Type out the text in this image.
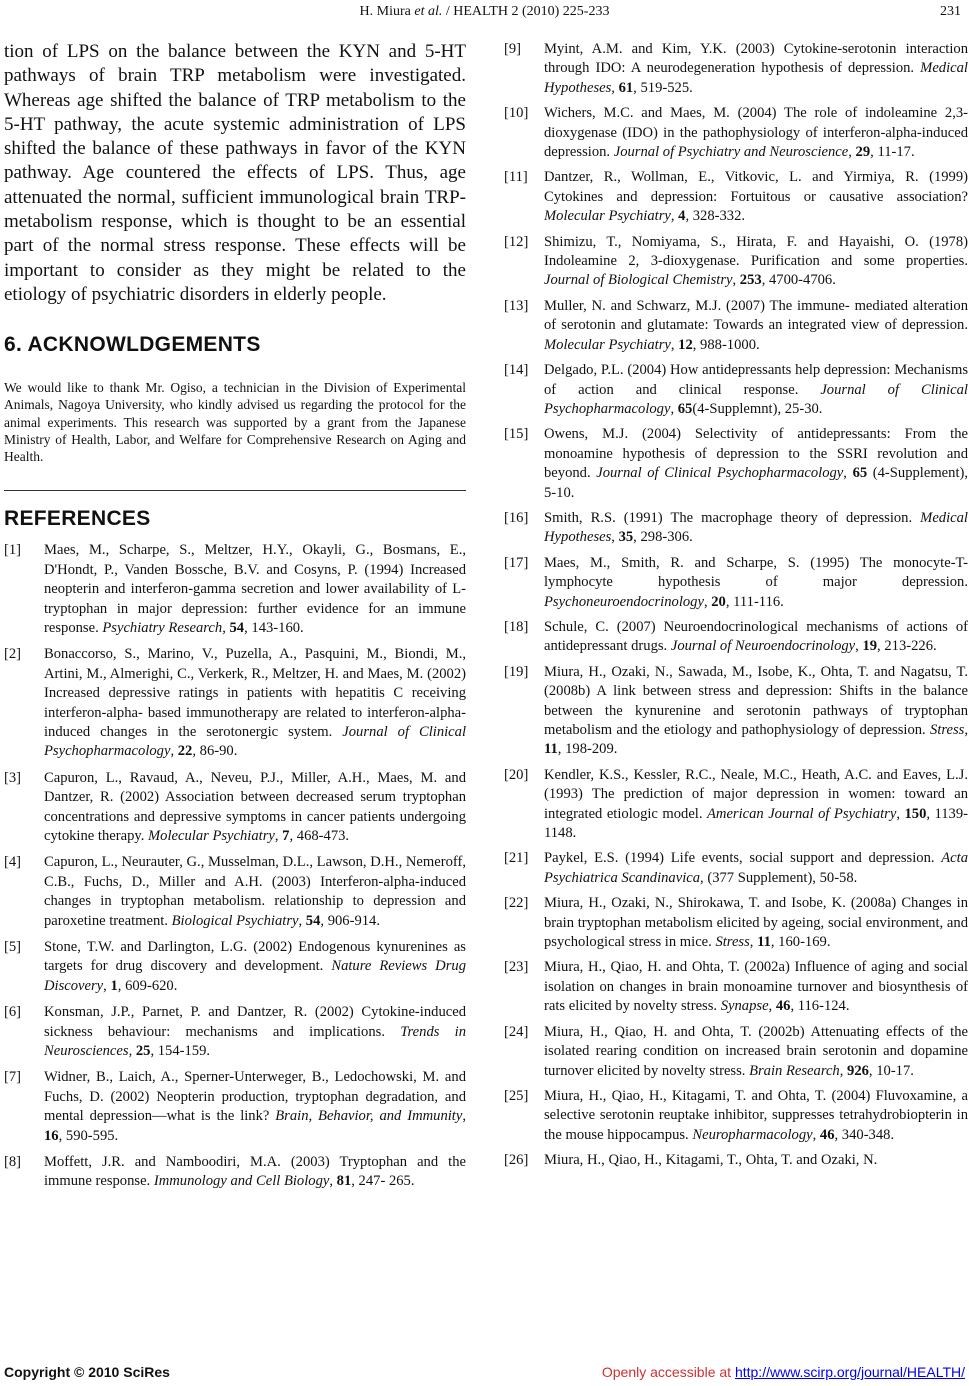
H. Miura et al. / HEALTH 2 (2010) 225-233	231

tion of LPS on the balance between the KYN and 5-HT pathways of brain TRP metabolism were investigated. Whereas age shifted the balance of TRP metabolism to the 5-HT pathway, the acute systemic administration of LPS shifted the balance of these pathways in favor of the KYN pathway. Age countered the effects of LPS. Thus, age attenuated the normal, sufficient immunological brain TRP-metabolism response, which is thought to be an essential part of the normal stress response. These effects will be important to consider as they might be related to the etiology of psychiatric disorders in elderly people.

6. ACKNOWLDGEMENTS

We would like to thank Mr. Ogiso, a technician in the Division of Experimental Animals, Nagoya University, who kindly advised us regarding the protocol for the animal experiments. This research was supported by a grant from the Japanese Ministry of Health, Labor, and Welfare for Comprehensive Research on Aging and Health.

REFERENCES
[1] Maes, M., Scharpe, S., Meltzer, H.Y., Okayli, G., Bosmans, E., D'Hondt, P., Vanden Bossche, B.V. and Cosyns, P. (1994) Increased neopterin and interferon-gamma secretion and lower availability of L-tryptophan in major depression: further evidence for an immune response. Psychiatry Research, 54, 143-160.
[2] Bonaccorso, S., Marino, V., Puzella, A., Pasquini, M., Biondi, M., Artini, M., Almerighi, C., Verkerk, R., Meltzer, H. and Maes, M. (2002) Increased depressive ratings in patients with hepatitis C receiving interferon-alpha- based immunotherapy are related to interferon-alpha- induced changes in the serotonergic system. Journal of Clinical Psychopharmacology, 22, 86-90.
[3] Capuron, L., Ravaud, A., Neveu, P.J., Miller, A.H., Maes, M. and Dantzer, R. (2002) Association between decreased serum tryptophan concentrations and depressive symptoms in cancer patients undergoing cytokine therapy. Molecular Psychiatry, 7, 468-473.
[4] Capuron, L., Neurauter, G., Musselman, D.L., Lawson, D.H., Nemeroff, C.B., Fuchs, D., Miller and A.H. (2003) Interferon-alpha-induced changes in tryptophan metabolism. relationship to depression and paroxetine treatment. Biological Psychiatry, 54, 906-914.
[5] Stone, T.W. and Darlington, L.G. (2002) Endogenous kynurenines as targets for drug discovery and development. Nature Reviews Drug Discovery, 1, 609-620.
[6] Konsman, J.P., Parnet, P. and Dantzer, R. (2002) Cytokine-induced sickness behaviour: mechanisms and implications. Trends in Neurosciences, 25, 154-159.
[7] Widner, B., Laich, A., Sperner-Unterweger, B., Ledochowski, M. and Fuchs, D. (2002) Neopterin production, tryptophan degradation, and mental depression—what is the link? Brain, Behavior, and Immunity, 16, 590-595.
[8] Moffett, J.R. and Namboodiri, M.A. (2003) Tryptophan and the immune response. Immunology and Cell Biology, 81, 247- 265.
[9] Myint, A.M. and Kim, Y.K. (2003) Cytokine-serotonin interaction through IDO: A neurodegeneration hypothesis of depression. Medical Hypotheses, 61, 519-525.
[10] Wichers, M.C. and Maes, M. (2004) The role of indoleamine 2,3-dioxygenase (IDO) in the pathophysiology of interferon-alpha-induced depression. Journal of Psychiatry and Neuroscience, 29, 11-17.
[11] Dantzer, R., Wollman, E., Vitkovic, L. and Yirmiya, R. (1999) Cytokines and depression: Fortuitous or causative association? Molecular Psychiatry, 4, 328-332.
[12] Shimizu, T., Nomiyama, S., Hirata, F. and Hayaishi, O. (1978) Indoleamine 2, 3-dioxygenase. Purification and some properties. Journal of Biological Chemistry, 253, 4700-4706.
[13] Muller, N. and Schwarz, M.J. (2007) The immune- mediated alteration of serotonin and glutamate: Towards an integrated view of depression. Molecular Psychiatry, 12, 988-1000.
[14] Delgado, P.L. (2004) How antidepressants help depression: Mechanisms of action and clinical response. Journal of Clinical Psychopharmacology, 65(4-Supplemnt), 25-30.
[15] Owens, M.J. (2004) Selectivity of antidepressants: From the monoamine hypothesis of depression to the SSRI revolution and beyond. Journal of Clinical Psychopharmacology, 65 (4-Supplement), 5-10.
[16] Smith, R.S. (1991) The macrophage theory of depression. Medical Hypotheses, 35, 298-306.
[17] Maes, M., Smith, R. and Scharpe, S. (1995) The monocyte-T-lymphocyte hypothesis of major depression. Psychoneuroendocrinology, 20, 111-116.
[18] Schule, C. (2007) Neuroendocrinological mechanisms of actions of antidepressant drugs. Journal of Neuroendocrinology, 19, 213-226.
[19] Miura, H., Ozaki, N., Sawada, M., Isobe, K., Ohta, T. and Nagatsu, T. (2008b) A link between stress and depression: Shifts in the balance between the kynurenine and serotonin pathways of tryptophan metabolism and the etiology and pathophysiology of depression. Stress, 11, 198-209.
[20] Kendler, K.S., Kessler, R.C., Neale, M.C., Heath, A.C. and Eaves, L.J. (1993) The prediction of major depression in women: toward an integrated etiologic model. American Journal of Psychiatry, 150, 1139-1148.
[21] Paykel, E.S. (1994) Life events, social support and depression. Acta Psychiatrica Scandinavica, (377 Supplement), 50-58.
[22] Miura, H., Ozaki, N., Shirokawa, T. and Isobe, K. (2008a) Changes in brain tryptophan metabolism elicited by ageing, social environment, and psychological stress in mice. Stress, 11, 160-169.
[23] Miura, H., Qiao, H. and Ohta, T. (2002a) Influence of aging and social isolation on changes in brain monoamine turnover and biosynthesis of rats elicited by novelty stress. Synapse, 46, 116-124.
[24] Miura, H., Qiao, H. and Ohta, T. (2002b) Attenuating effects of the isolated rearing condition on increased brain serotonin and dopamine turnover elicited by novelty stress. Brain Research, 926, 10-17.
[25] Miura, H., Qiao, H., Kitagami, T. and Ohta, T. (2004) Fluvoxamine, a selective serotonin reuptake inhibitor, suppresses tetrahydrobiopterin in the mouse hippocampus. Neuropharmacology, 46, 340-348.
[26] Miura, H., Qiao, H., Kitagami, T., Ohta, T. and Ozaki, N.
Copyright © 2010 SciRes	Openly accessible at http://www.scirp.org/journal/HEALTH/
